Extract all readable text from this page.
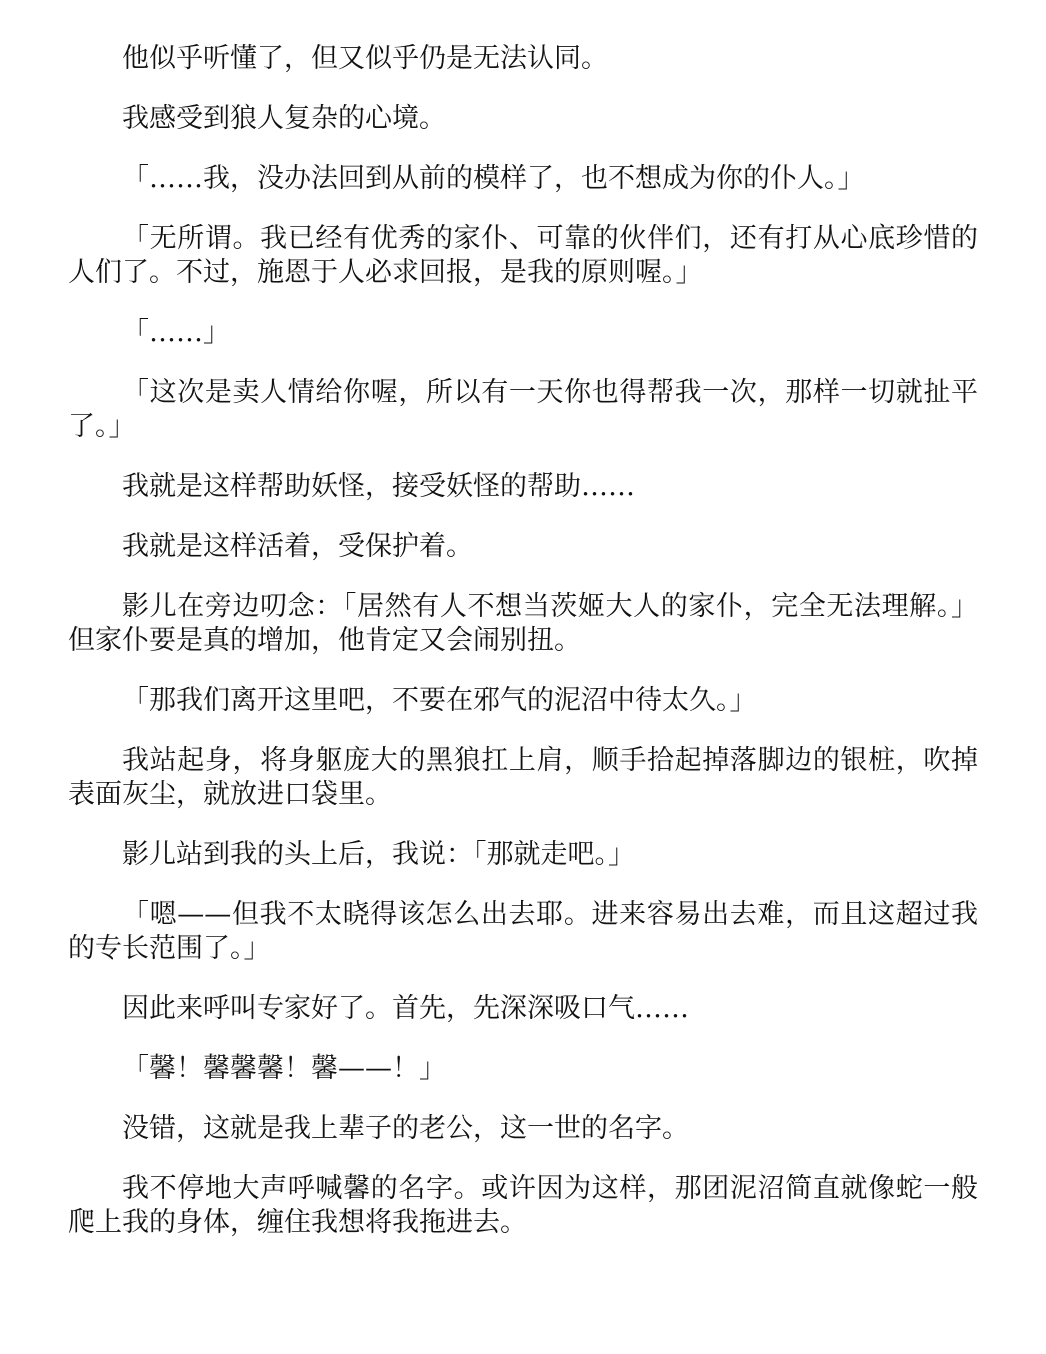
他似乎听懂了，但又似乎仍是无法认同。

我感受到狼人复杂的心境。

「……我，没办法回到从前的模样了，也不想成为你的仆人。」

「无所谓。我已经有优秀的家仆、可靠的伙伴们，还有打从心底珍惜的人们了。不过，施恩于人必求回报，是我的原则喔。」

「……」

「这次是卖人情给你喔，所以有一天你也得帮我一次，那样一切就扯平了。」

我就是这样帮助妖怪，接受妖怪的帮助……

我就是这样活着，受保护着。

影儿在旁边叨念：「居然有人不想当茨姬大人的家仆，完全无法理解。」但家仆要是真的增加，他肯定又会闹别扭。

「那我们离开这里吧，不要在邪气的泥沼中待太久。」

我站起身，将身躯庞大的黑狼扛上肩，顺手拾起掉落脚边的银桩，吹掉表面灰尘，就放进口袋里。

影儿站到我的头上后，我说：「那就走吧。」

「嗯——但我不太晓得该怎么出去耶。进来容易出去难，而且这超过我的专长范围了。」

因此来呼叫专家好了。首先，先深深吸口气……

「馨！馨馨馨！馨——！」

没错，这就是我上辈子的老公，这一世的名字。

我不停地大声呼喊馨的名字。或许因为这样，那团泥沼简直就像蛇一般爬上我的身体，缠住我想将我拖进去。
